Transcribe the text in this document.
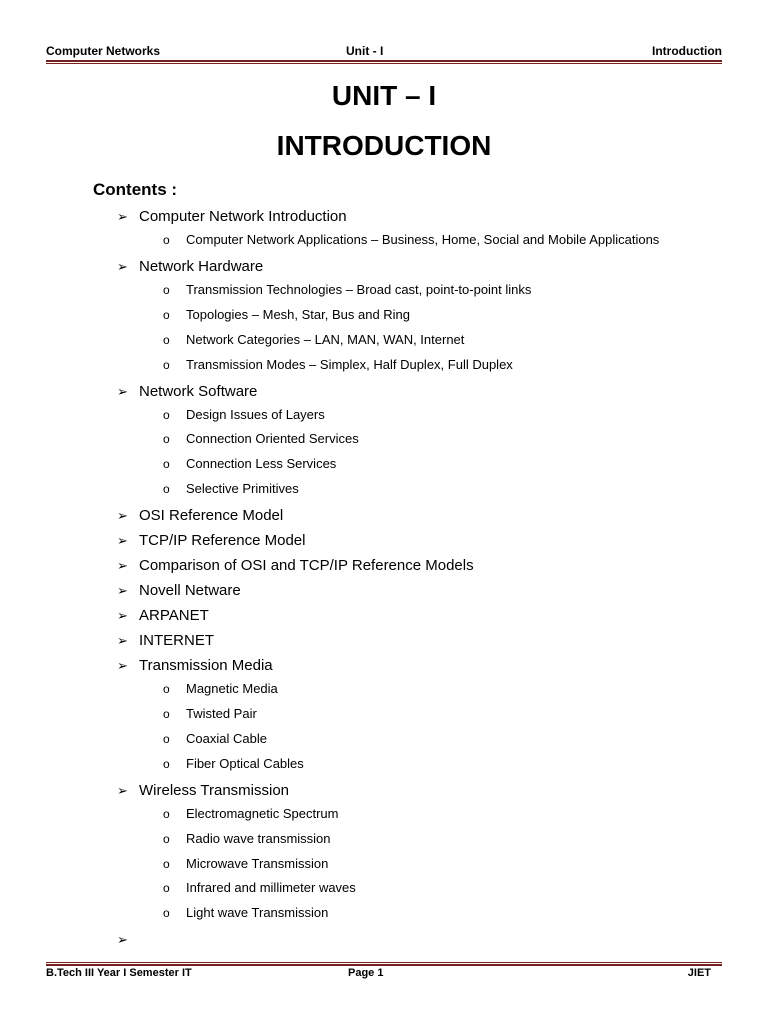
Computer Networks	Unit - I	Introduction
UNIT – I
INTRODUCTION
Contents :
➢ Computer Network Introduction
o Computer Network Applications – Business, Home, Social and Mobile Applications
➢ Network Hardware
o Transmission Technologies – Broad cast, point-to-point links
o Topologies – Mesh, Star, Bus and Ring
o Network Categories – LAN, MAN, WAN, Internet
o Transmission Modes – Simplex, Half Duplex, Full Duplex
➢ Network Software
o Design Issues of Layers
o Connection Oriented Services
o Connection Less Services
o Selective Primitives
➢ OSI Reference Model
➢ TCP/IP Reference Model
➢ Comparison of OSI and TCP/IP Reference Models
➢ Novell Netware
➢ ARPANET
➢ INTERNET
➢ Transmission Media
o Magnetic Media
o Twisted Pair
o Coaxial Cable
o Fiber Optical Cables
➢ Wireless Transmission
o Electromagnetic Spectrum
o Radio wave transmission
o Microwave Transmission
o Infrared and millimeter waves
o Light wave Transmission
➢
B.Tech III Year I Semester IT	Page 1	JIET
